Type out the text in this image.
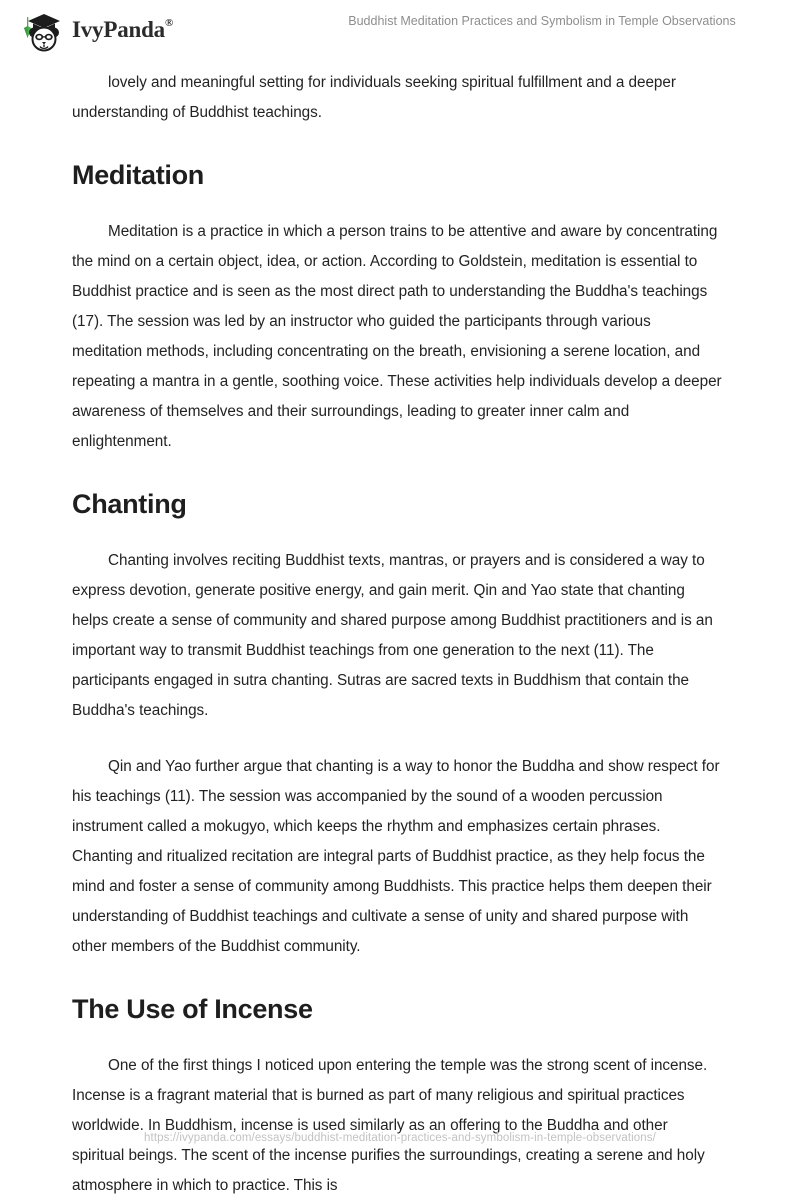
IvyPanda®	Buddhist Meditation Practices and Symbolism in Temple Observations

lovely and meaningful setting for individuals seeking spiritual fulfillment and a deeper understanding of Buddhist teachings.

Meditation

Meditation is a practice in which a person trains to be attentive and aware by concentrating the mind on a certain object, idea, or action. According to Goldstein, meditation is essential to Buddhist practice and is seen as the most direct path to understanding the Buddha's teachings (17). The session was led by an instructor who guided the participants through various meditation methods, including concentrating on the breath, envisioning a serene location, and repeating a mantra in a gentle, soothing voice. These activities help individuals develop a deeper awareness of themselves and their surroundings, leading to greater inner calm and enlightenment.

Chanting

Chanting involves reciting Buddhist texts, mantras, or prayers and is considered a way to express devotion, generate positive energy, and gain merit. Qin and Yao state that chanting helps create a sense of community and shared purpose among Buddhist practitioners and is an important way to transmit Buddhist teachings from one generation to the next (11). The participants engaged in sutra chanting. Sutras are sacred texts in Buddhism that contain the Buddha's teachings.

Qin and Yao further argue that chanting is a way to honor the Buddha and show respect for his teachings (11). The session was accompanied by the sound of a wooden percussion instrument called a mokugyo, which keeps the rhythm and emphasizes certain phrases. Chanting and ritualized recitation are integral parts of Buddhist practice, as they help focus the mind and foster a sense of community among Buddhists. This practice helps them deepen their understanding of Buddhist teachings and cultivate a sense of unity and shared purpose with other members of the Buddhist community.

The Use of Incense

One of the first things I noticed upon entering the temple was the strong scent of incense. Incense is a fragrant material that is burned as part of many religious and spiritual practices worldwide. In Buddhism, incense is used similarly as an offering to the Buddha and other spiritual beings. The scent of the incense purifies the surroundings, creating a serene and holy atmosphere in which to practice. This is

https://ivypanda.com/essays/buddhist-meditation-practices-and-symbolism-in-temple-observations/
